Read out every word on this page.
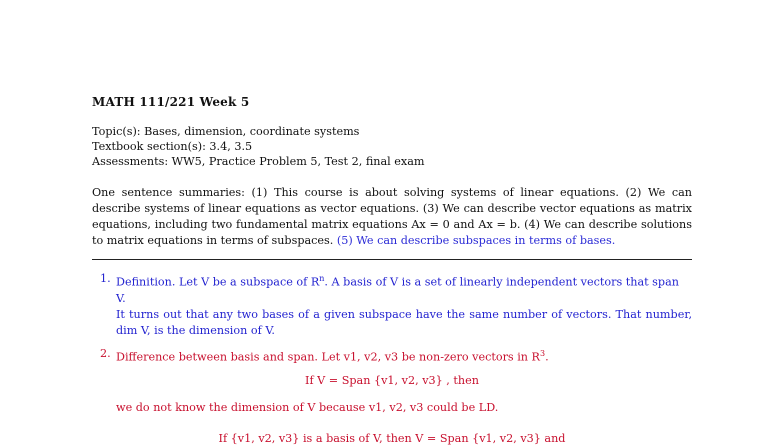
MATH 111/221 Week 5
Topic(s): Bases, dimension, coordinate systems
Textbook section(s): 3.4, 3.5
Assessments: WW5, Practice Problem 5, Test 2, final exam
One sentence summaries: (1) This course is about solving systems of linear equations. (2) We can describe systems of linear equations as vector equations. (3) We can describe vector equations as matrix equations, including two fundamental matrix equations Ax = 0 and Ax = b. (4) We can describe solutions to matrix equations in terms of subspaces. (5) We can describe subspaces in terms of bases.
1. Definition. Let V be a subspace of $R^n$. A basis of V is a set of linearly independent vectors that span V.
It turns out that any two bases of a given subspace have the same number of vectors. That number, dim V, is the dimension of V.
2. Difference between basis and span. Let v1, v2, v3 be non-zero vectors in $R^3$.
If V = Span {v1, v2, v3} , then
we do not know the dimension of V because v1, v2, v3 could be LD.
If {v1, v2, v3} is a basis of V, then V = Span {v1, v2, v3} and
